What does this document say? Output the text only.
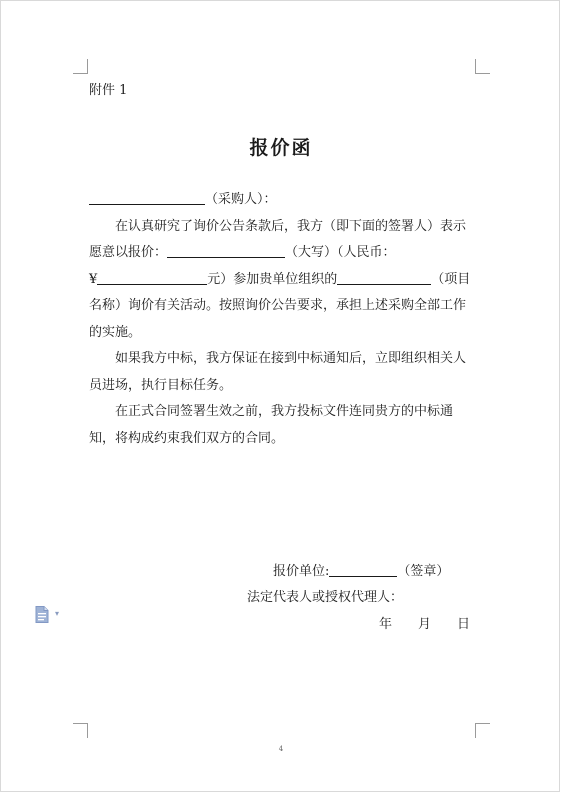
附件 1
报价函

（采购人）：

在认真研究了询价公告条款后，我方（即下面的签署人）表示愿意以报价：	（大写）（人民币：
¥	元）参加贵单位组织的	（项目名称）询价有关活动。按照询价公告要求，承担上述采购全部工作的实施。

如果我方中标，我方保证在接到中标通知后，立即组织相关人员进场，执行目标任务。

在正式合同签署生效之前，我方投标文件连同贵方的中标通知，将构成约束我们双方的合同。

报价单位:	（签章）
法定代表人或授权代理人：
年　　月　　日
▾
4
